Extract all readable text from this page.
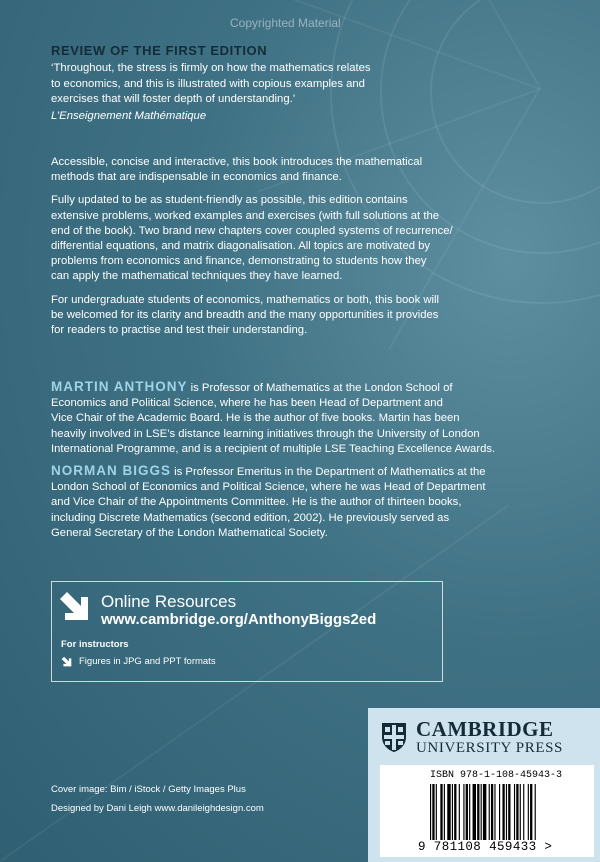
Copyrighted Material
REVIEW OF THE FIRST EDITION

‘Throughout, the stress is firmly on how the mathematics relates
to economics, and this is illustrated with copious examples and
exercises that will foster depth of understanding.’

L’Enseignement Mathématique

Accessible, concise and interactive, this book introduces the mathematical
methods that are indispensable in economics and finance.

Fully updated to be as student-friendly as possible, this edition contains
extensive problems, worked examples and exercises (with full solutions at the
end of the book). Two brand new chapters cover coupled systems of recurrence/
differential equations, and matrix diagonalisation. All topics are motivated by
problems from economics and finance, demonstrating to students how they
can apply the mathematical techniques they have learned.

For undergraduate students of economics, mathematics or both, this book will
be welcomed for its clarity and breadth and the many opportunities it provides
for readers to practise and test their understanding.

MARTIN ANTHONY is Professor of Mathematics at the London School of
Economics and Political Science, where he has been Head of Department and
Vice Chair of the Academic Board. He is the author of five books. Martin has been
heavily involved in LSE’s distance learning initiatives through the University of London
International Programme, and is a recipient of multiple LSE Teaching Excellence Awards.

NORMAN BIGGS is Professor Emeritus in the Department of Mathematics at the
London School of Economics and Political Science, where he was Head of Department
and Vice Chair of the Appointments Committee. He is the author of thirteen books,
including Discrete Mathematics (second edition, 2002). He previously served as
General Secretary of the London Mathematical Society.

Online Resources
www.cambridge.org/AnthonyBiggs2ed
For instructors
Figures in JPG and PPT formats
CAMBRIDGE
UNIVERSITY PRESS
ISBN 978-1-108-45943-3
9 781108 459433 >
Cover image: Bim / iStock / Getty Images Plus
Designed by Dani Leigh www.danileighdesign.com
